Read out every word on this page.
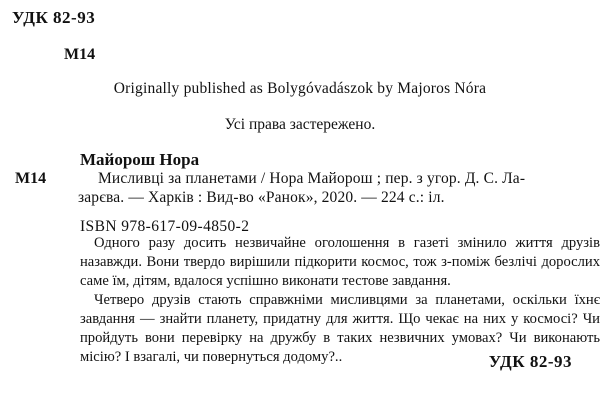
УДК 82-93
М14
Originally published as Bolygóvadászok by Majoros Nóra
Усі права застережено.
Майорош Нора
М14	Мисливці за планетами / Нора Майорош ; пер. з угор. Д. С. Ла-
зарєва. — Харків : Вид-во «Ранок», 2020. — 224 с.: іл.
ISBN 978-617-09-4850-2
Одного разу досить незвичайне оголошення в газеті змінило життя друзів назавжди. Вони твердо вирішили підкорити космос, тож з-поміж безлічі дорослих саме їм, дітям, вдалося успішно виконати тестове завдання.
Четверо друзів стають справжніми мисливцями за планетами, оскільки їхнє завдання — знайти планету, придатну для життя. Що чекає на них у космосі? Чи пройдуть вони перевірку на дружбу в таких незвичних умовах? Чи виконають місію? І взагалі, чи повернуться додому?..	УДК 82-93
